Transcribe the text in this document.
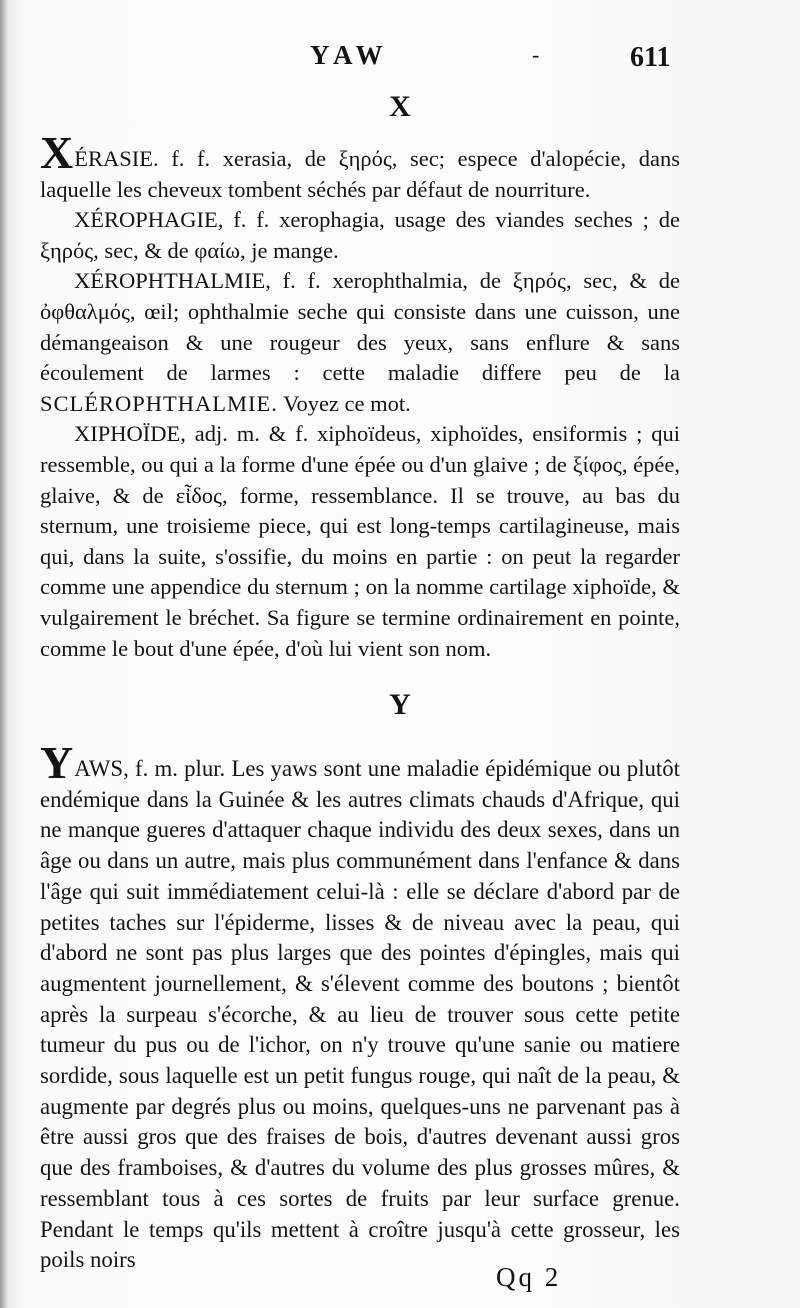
YAW	-	611
X

XÉRASIE. f. f. xerasia, de ξηρός, sec; espece d'alopécie, dans laquelle les cheveux tombent séchés par défaut de nourriture.

XÉROPHAGIE, f. f. xerophagia, usage des viandes seches ; de ξηρός, sec, & de φαίω, je mange.

XÉROPHTHALMIE, f. f. xerophthalmia, de ξηρός, sec, & de ὀφθαλμός, œil; ophthalmie seche qui consiste dans une cuisson, une démangeaison & une rougeur des yeux, sans enflure & sans écoulement de larmes : cette maladie differe peu de la SCLÉROPHTHALMIE. Voyez ce mot.

XIPHOÏDE, adj. m. & f. xiphoïdeus, xiphoïdes, ensiformis ; qui ressemble, ou qui a la forme d'une épée ou d'un glaive ; de ξίφος, épée, glaive, & de εἶδος, forme, ressemblance. Il se trouve, au bas du sternum, une troisieme piece, qui est long-temps cartilagineuse, mais qui, dans la suite, s'ossifie, du moins en partie : on peut la regarder comme une appendice du sternum ; on la nomme cartilage xiphoïde, & vulgairement le bréchet. Sa figure se termine ordinairement en pointe, comme le bout d'une épée, d'où lui vient son nom.

Y

YAWS, f. m. plur. Les yaws sont une maladie épidémique ou plutôt endémique dans la Guinée & les autres climats chauds d'Afrique, qui ne manque gueres d'attaquer chaque individu des deux sexes, dans un âge ou dans un autre, mais plus communément dans l'enfance & dans l'âge qui suit immédiatement celui-là : elle se déclare d'abord par de petites taches sur l'épiderme, lisses & de niveau avec la peau, qui d'abord ne sont pas plus larges que des pointes d'épingles, mais qui augmentent journellement, & s'élevent comme des boutons ; bientôt après la surpeau s'écorche, & au lieu de trouver sous cette petite tumeur du pus ou de l'ichor, on n'y trouve qu'une sanie ou matiere sordide, sous laquelle est un petit fungus rouge, qui naît de la peau, & augmente par degrés plus ou moins, quelques-uns ne parvenant pas à être aussi gros que des fraises de bois, d'autres devenant aussi gros que des framboises, & d'autres du volume des plus grosses mûres, & ressemblant tous à ces sortes de fruits par leur surface grenue. Pendant le temps qu'ils mettent à croître jusqu'à cette grosseur, les poils noirs

Qq 2
